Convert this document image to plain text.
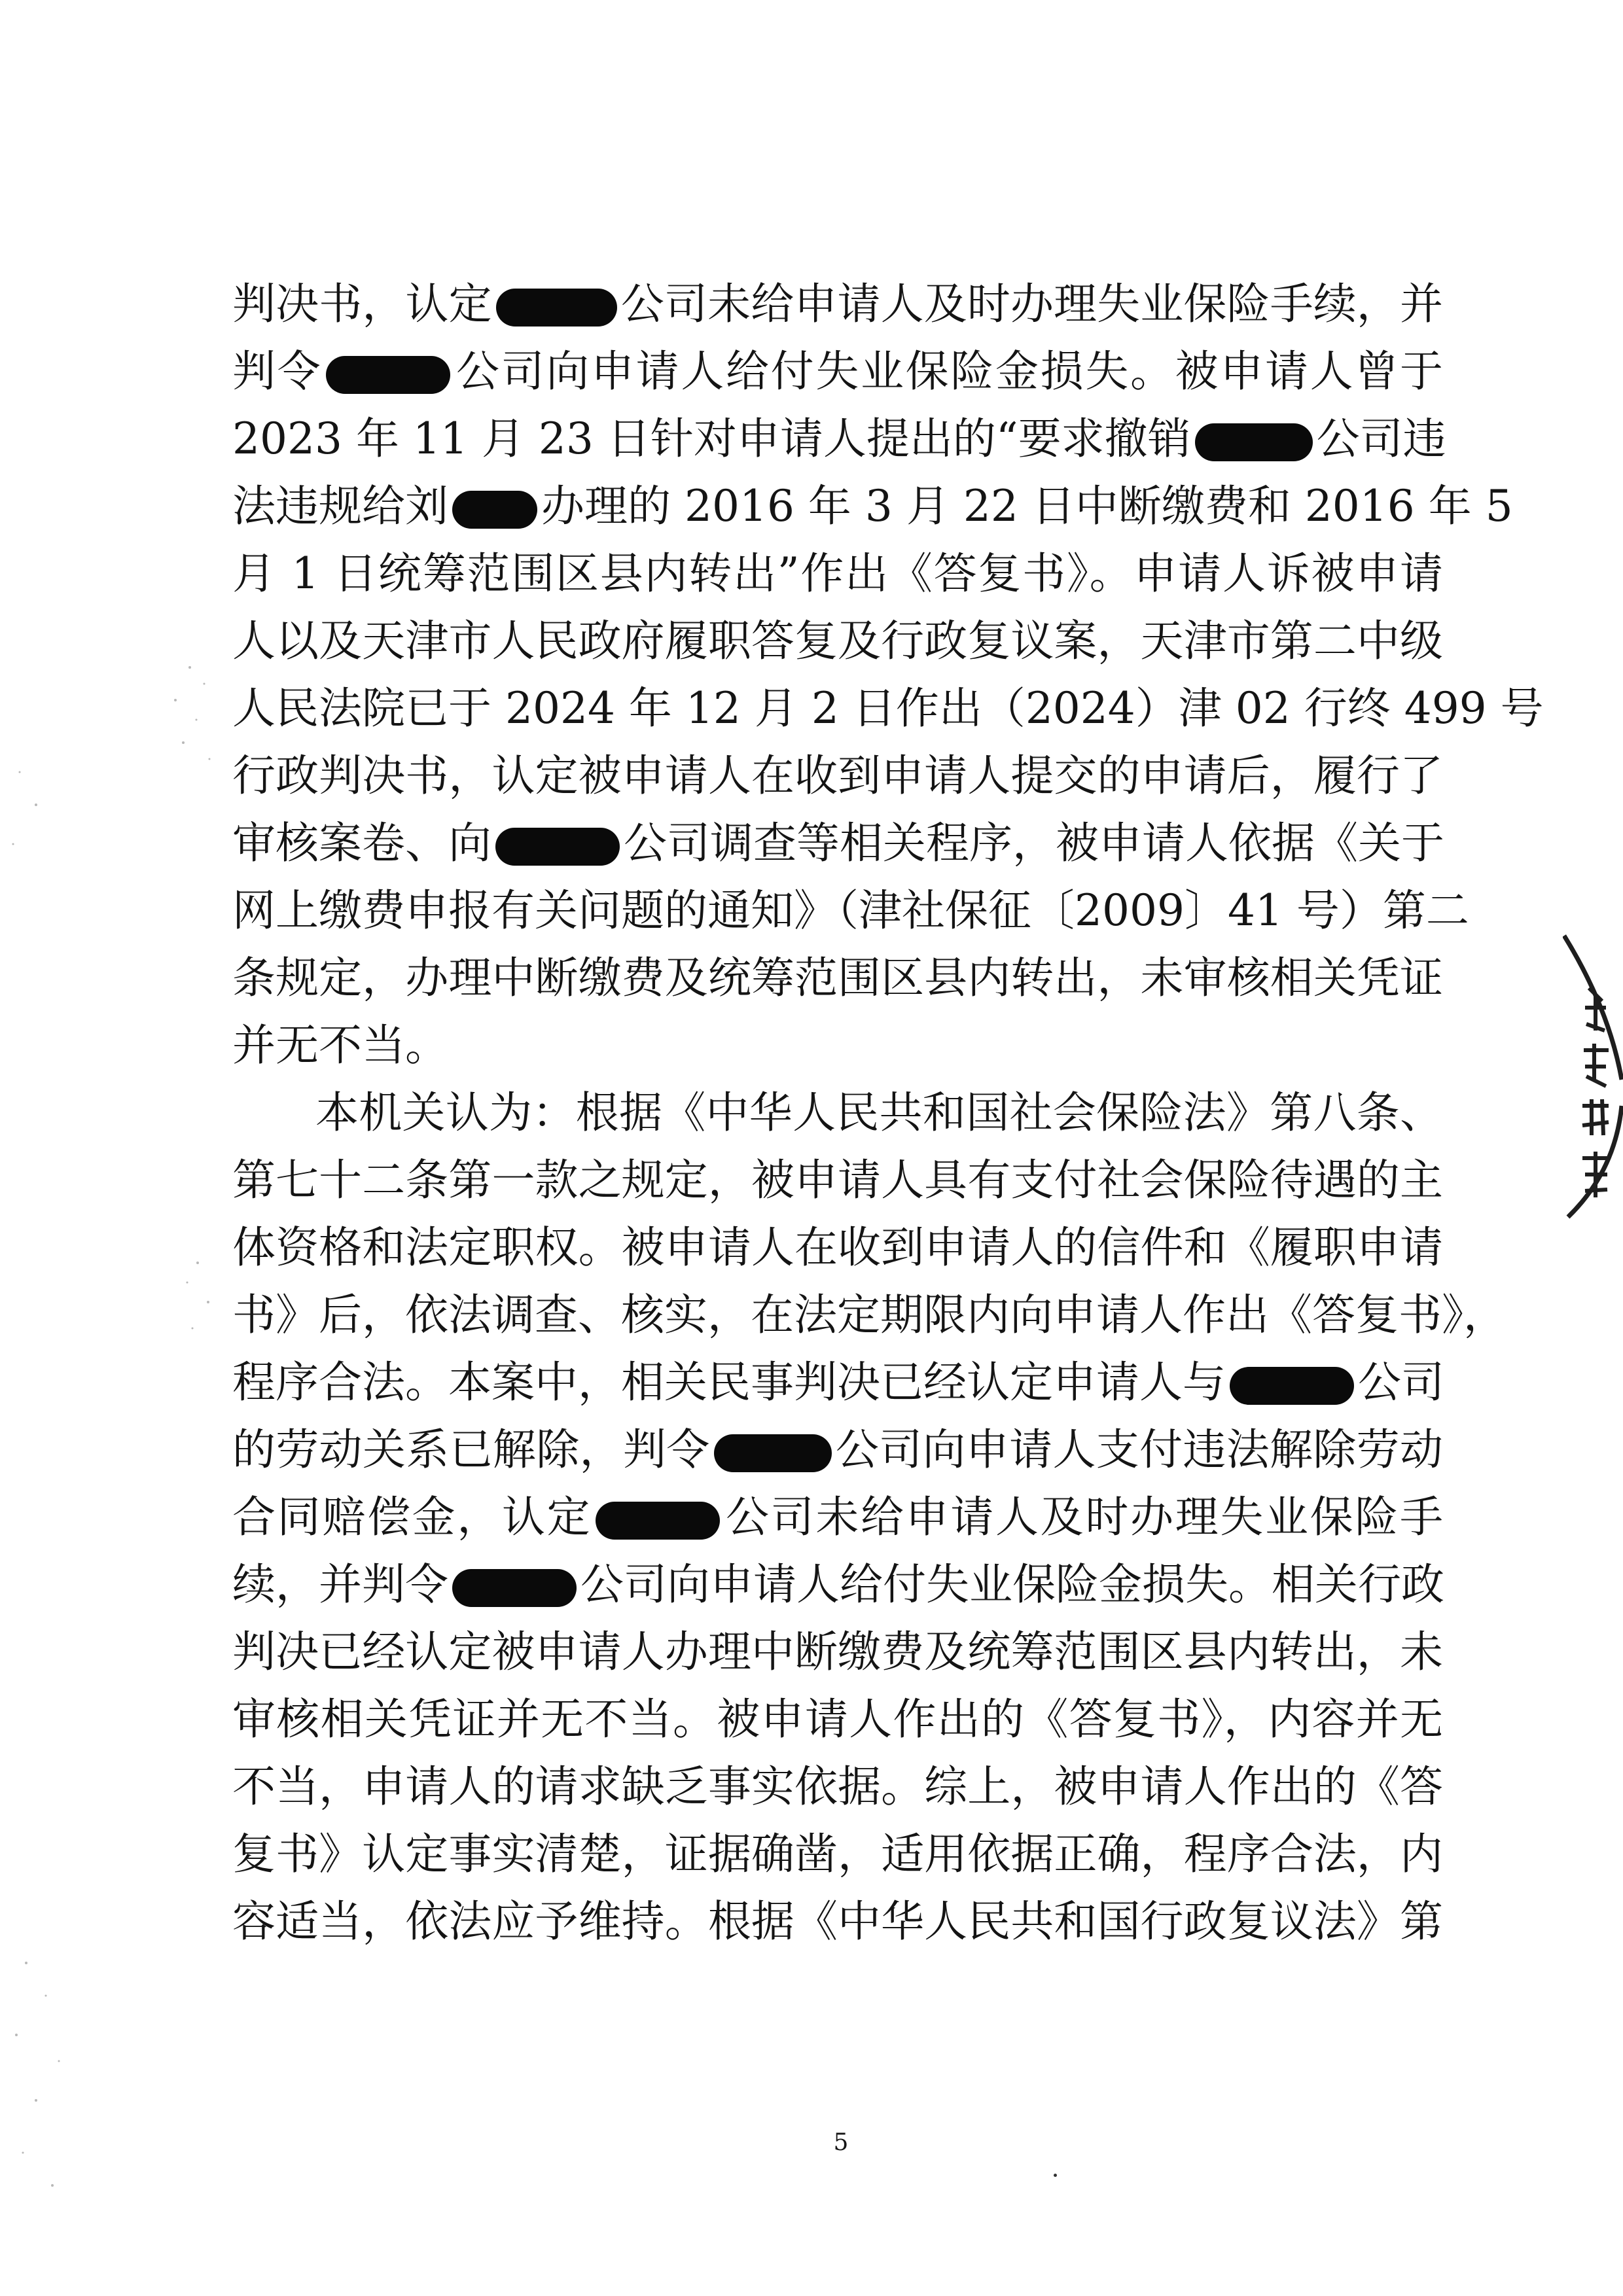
判决书，认定	公司未给申请人及时办理失业保险手续，并
判令	公司向申请人给付失业保险金损失。被申请人曾于
2023 年 11 月 23 日针对申请人提出的“要求撤销	公司违
法违规给刘 办理的 2016 年 3 月 22 日中断缴费和 2016 年 5
月 1 日统筹范围区县内转出”作出《答复书》。申请人诉被申请
人以及天津市人民政府履职答复及行政复议案，天津市第二中级
人民法院已于 2024 年 12 月 2 日作出（2024）津 02 行终 499 号
行政判决书，认定被申请人在收到申请人提交的申请后，履行了
审核案卷、向	公司调查等相关程序，被申请人依据《关于
网上缴费申报有关问题的通知》（津社保征〔2009〕41 号）第二
条规定，办理中断缴费及统筹范围区县内转出，未审核相关凭证
并无不当。
本机关认为：根据《中华人民共和国社会保险法》第八条、
第七十二条第一款之规定，被申请人具有支付社会保险待遇的主
体资格和法定职权。被申请人在收到申请人的信件和《履职申请
书》后，依法调查、核实，在法定期限内向申请人作出《答复书》，
程序合法。本案中，相关民事判决已经认定申请人与	公司
的劳动关系已解除，判令	公司向申请人支付违法解除劳动
合同赔偿金，认定	公司未给申请人及时办理失业保险手
续，并判令	公司向申请人给付失业保险金损失。相关行政
判决已经认定被申请人办理中断缴费及统筹范围区县内转出，未
审核相关凭证并无不当。被申请人作出的《答复书》，内容并无
不当，申请人的请求缺乏事实依据。综上，被申请人作出的《答
复书》认定事实清楚，证据确凿，适用依据正确，程序合法，内
容适当，依法应予维持。根据《中华人民共和国行政复议法》第
5
